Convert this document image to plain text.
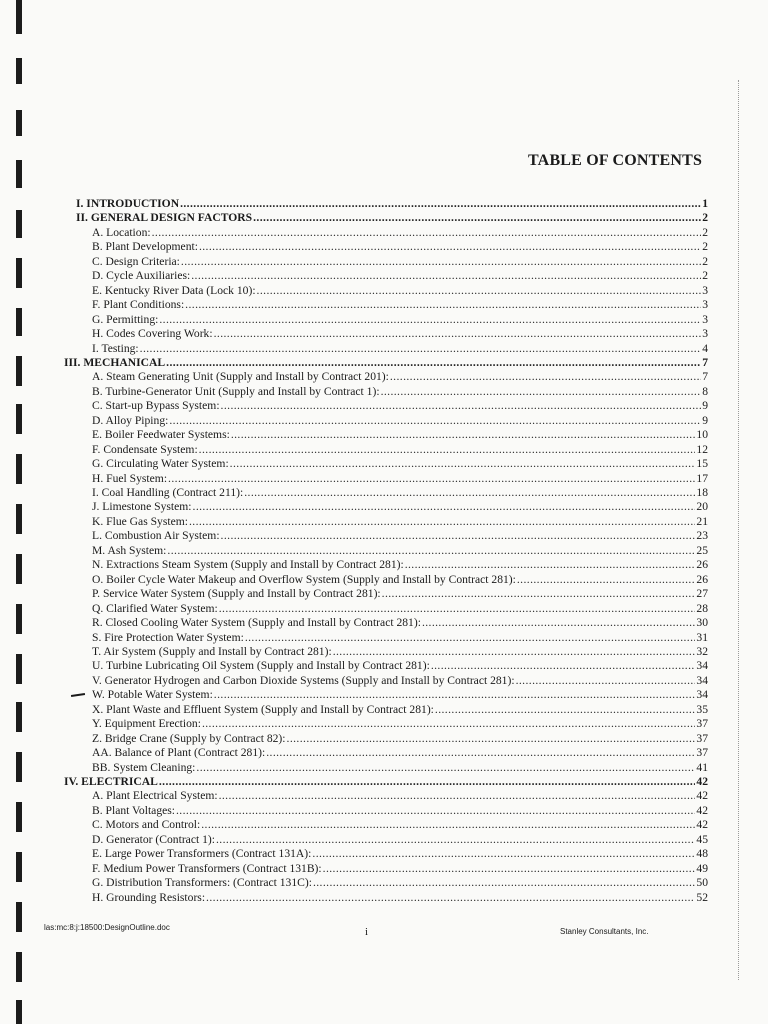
TABLE OF CONTENTS
I. INTRODUCTION .....	1
II. GENERAL DESIGN FACTORS .....	2
A. Location: .....	2
B. Plant Development: .....	2
C. Design Criteria: .....	2
D. Cycle Auxiliaries: .....	2
E. Kentucky River Data (Lock 10): .....	3
F. Plant Conditions: .....	3
G. Permitting: .....	3
H. Codes Covering Work: .....	3
I. Testing: .....	4
III. MECHANICAL .....	7
A. Steam Generating Unit (Supply and Install by Contract 201): .....	7
B. Turbine-Generator Unit (Supply and Install by Contract 1): .....	8
C. Start-up Bypass System: .....	9
D. Alloy Piping: .....	9
E. Boiler Feedwater Systems: .....	10
F. Condensate System: .....	12
G. Circulating Water System: .....	15
H. Fuel System: .....	17
I. Coal Handling (Contract 211): .....	18
J. Limestone System: .....	20
K. Flue Gas System: .....	21
L. Combustion Air System: .....	23
M. Ash System: .....	25
N. Extractions Steam System (Supply and Install by Contract 281): .....	26
O. Boiler Cycle Water Makeup and Overflow System (Supply and Install by Contract 281): .....	26
P. Service Water System (Supply and Install by Contract 281): .....	27
Q. Clarified Water System: .....	28
R. Closed Cooling Water System (Supply and Install by Contract 281): .....	30
S. Fire Protection Water System: .....	31
T. Air System (Supply and Install by Contract 281): .....	32
U. Turbine Lubricating Oil System (Supply and Install by Contract 281): .....	34
V. Generator Hydrogen and Carbon Dioxide Systems (Supply and Install by Contract 281): .....	34
W. Potable Water System: .....	34
X. Plant Waste and Effluent System (Supply and Install by Contract 281): .....	35
Y. Equipment Erection: .....	37
Z. Bridge Crane (Supply by Contract 82): .....	37
AA. Balance of Plant (Contract 281): .....	37
BB. System Cleaning: .....	41
IV. ELECTRICAL .....	42
A. Plant Electrical System: .....	42
B. Plant Voltages: .....	42
C. Motors and Control: .....	42
D. Generator (Contract 1): .....	45
E. Large Power Transformers (Contract 131A): .....	48
F. Medium Power Transformers (Contract 131B): .....	49
G. Distribution Transformers: (Contract 131C): .....	50
H. Grounding Resistors: .....	52
las:mc:8:j:18500:DesignOutline.doc	i	Stanley Consultants, Inc.
